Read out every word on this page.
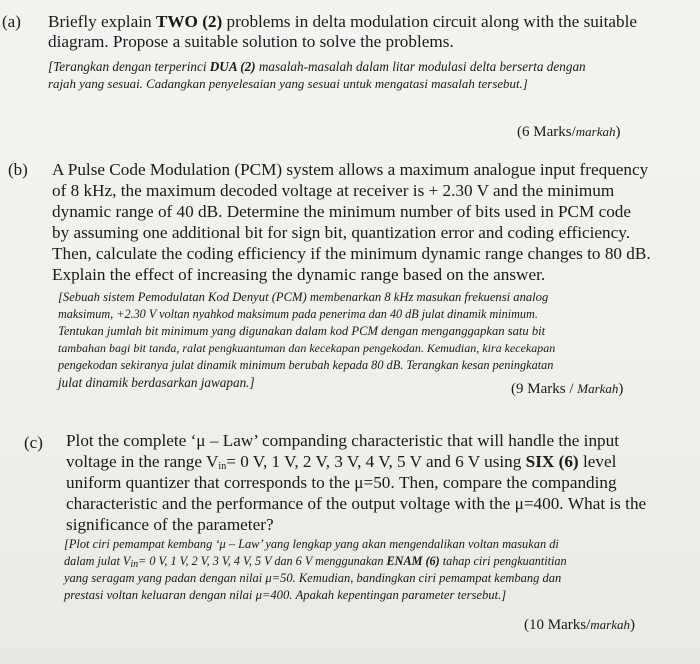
(a) Briefly explain TWO (2) problems in delta modulation circuit along with the suitable
diagram. Propose a suitable solution to solve the problems.
[Terangkan dengan terperinci DUA (2) masalah-masalah dalam litar modulasi delta berserta dengan
rajah yang sesuai. Cadangkan penyelesaian yang sesuai untuk mengatasi masalah tersebut.]
(6 Marks/markah)
(b) A Pulse Code Modulation (PCM) system allows a maximum analogue input frequency
of 8 kHz, the maximum decoded voltage at receiver is + 2.30 V and the minimum
dynamic range of 40 dB. Determine the minimum number of bits used in PCM code
by assuming one additional bit for sign bit, quantization error and coding efficiency.
Then, calculate the coding efficiency if the minimum dynamic range changes to 80 dB.
Explain the effect of increasing the dynamic range based on the answer.
[Sebuah sistem Pemodulatan Kod Denyut (PCM) membenarkan 8 kHz masukan frekuensi analog
maksimum, +2.30 V voltan nyahkod maksimum pada penerima dan 40 dB julat dinamik minimum.
Tentukan jumlah bit minimum yang digunakan dalam kod PCM dengan menganggapkan satu bit
tambahan bagi bit tanda, ralat pengkuantuman dan kecekapan pengekodan. Kemudian, kira kecekapan
pengekodan sekiranya julat dinamik minimum berubah kepada 80 dB. Terangkan kesan peningkatan
julat dinamik berdasarkan jawapan.]	(9 Marks / Markah)
(c) Plot the complete ‘μ – Law’ companding characteristic that will handle the input
voltage in the range $V_{in}= 0$ V, 1 V, 2 V, 3 V, 4 V, 5 V and 6 V using SIX (6) level
uniform quantizer that corresponds to the μ=50. Then, compare the companding
characteristic and the performance of the output voltage with the μ=400. What is the
significance of the parameter?
[Plot ciri pemampat kembang ‘μ – Law’ yang lengkap yang akan mengendalikan voltan masukan di
dalam julat $V_{in}= 0$ V, 1 V, 2 V, 3 V, 4 V, 5 V dan 6 V menggunakan ENAM (6) tahap ciri pengkuantitian
yang seragam yang padan dengan nilai μ=50. Kemudian, bandingkan ciri pemampat kembang dan
prestasi voltan keluaran dengan nilai μ=400. Apakah kepentingan parameter tersebut.]
(10 Marks/markah)
